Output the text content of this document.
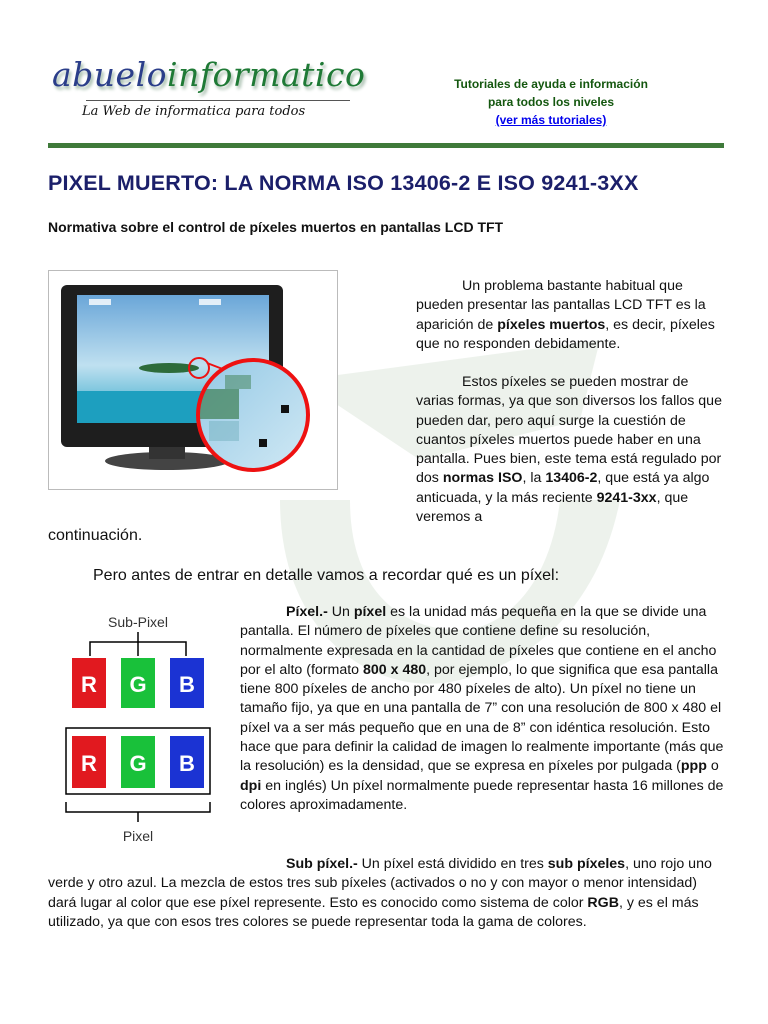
abueloinformatico
La Web de informatica para todos
Tutoriales de ayuda e información
para todos los niveles
(ver más tutoriales)
PIXEL MUERTO: LA NORMA ISO 13406-2 E ISO 9241-3XX
Normativa sobre el control de píxeles muertos en pantallas LCD TFT

Un problema bastante habitual que pueden presentar las pantallas LCD TFT es la aparición de píxeles muertos, es decir, píxeles que no responden debidamente.

Estos píxeles se pueden mostrar de varias formas, ya que son diversos los fallos que pueden dar, pero aquí surge la cuestión de cuantos píxeles muertos puede haber en una pantalla. Pues bien, este tema está regulado por dos normas ISO, la 13406-2, que está ya algo anticuada, y la más reciente 9241-3xx, que veremos a

continuación.
Pero antes de entrar en detalle vamos a recordar qué es un píxel:
Sub-Pixel
R G B
R G B
Pixel

Píxel.- Un píxel es la unidad más pequeña en la que se divide una pantalla. El número de píxeles que contiene define su resolución, normalmente expresada en la cantidad de píxeles que contiene en el ancho por el alto (formato 800 x 480, por ejemplo, lo que significa que esa pantalla tiene 800 píxeles de ancho por 480 píxeles de alto). Un píxel no tiene un tamaño fijo, ya que en una pantalla de 7” con una resolución de 800 x 480 el píxel va a ser más pequeño que en una de 8” con idéntica resolución. Esto hace que para definir la calidad de imagen lo realmente importante (más que la resolución) es la densidad, que se expresa en píxeles por pulgada (ppp o dpi en inglés) Un píxel normalmente puede representar hasta 16 millones de colores aproximadamente.

Sub píxel.- Un píxel está dividido en tres sub píxeles, uno rojo uno verde y otro azul. La mezcla de estos tres sub píxeles (activados o no y con mayor o menor intensidad) dará lugar al color que ese píxel represente. Esto es conocido como sistema de color RGB, y es el más utilizado, ya que con esos tres colores se puede representar toda la gama de colores.
